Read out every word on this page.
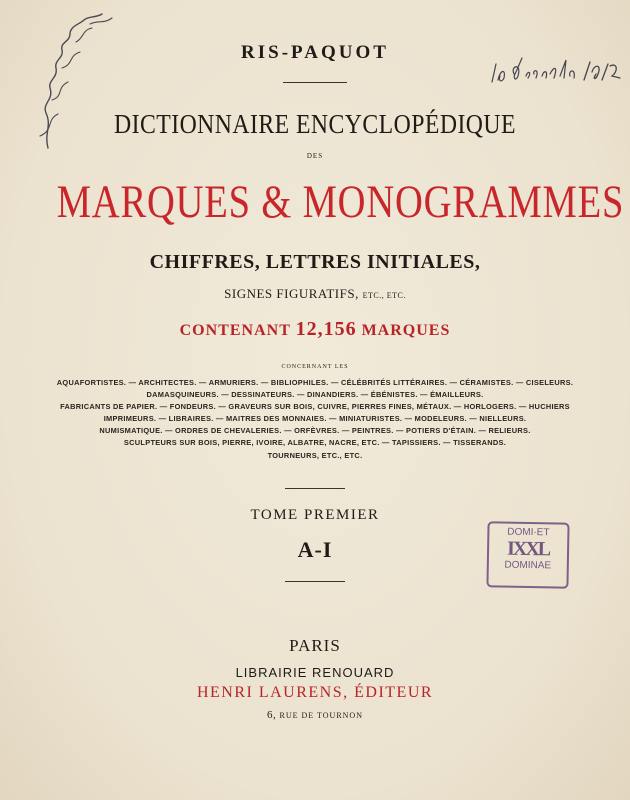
RIS-PAQUOT
DICTIONNAIRE ENCYCLOPÉDIQUE
DES
MARQUES & MONOGRAMMES
CHIFFRES, LETTRES INITIALES,
SIGNES FIGURATIFS, ETC., ETC.
CONTENANT 12,156 MARQUES
CONCERNANT LES
AQUAFORTISTES. — ARCHITECTES. — ARMURIERS. — BIBLIOPHILES. — CÉLÉBRITÉS LITTÉRAIRES. — CÉRAMISTES. — CISELEURS.
DAMASQUINEURS. — DESSINATEURS. — DINANDIERS. — ÉBÉNISTES. — ÉMAILLEURS.
FABRICANTS DE PAPIER. — FONDEURS. — GRAVEURS SUR BOIS, CUIVRE, PIERRES FINES, MÉTAUX. — HORLOGERS. — HUCHIERS
IMPRIMEURS. — LIBRAIRES. — MAITRES DES MONNAIES. — MINIATURISTES. — MODELEURS. — NIELLEURS.
NUMISMATIQUE. — ORDRES DE CHEVALERIES. — ORFÈVRES. — PEINTRES. — POTIERS D'ÉTAIN. — RELIEURS.
SCULPTEURS SUR BOIS, PIERRE, IVOIRE, ALBATRE, NACRE, ETC. — TAPISSIERS. — TISSERANDS.
TOURNEURS, ETC., ETC.
TOME PREMIER
A-I
PARIS
LIBRAIRIE RENOUARD
HENRI LAURENS, ÉDITEUR
6, RUE DE TOURNON
DOMI·ET
IXXL
DOMINAE
